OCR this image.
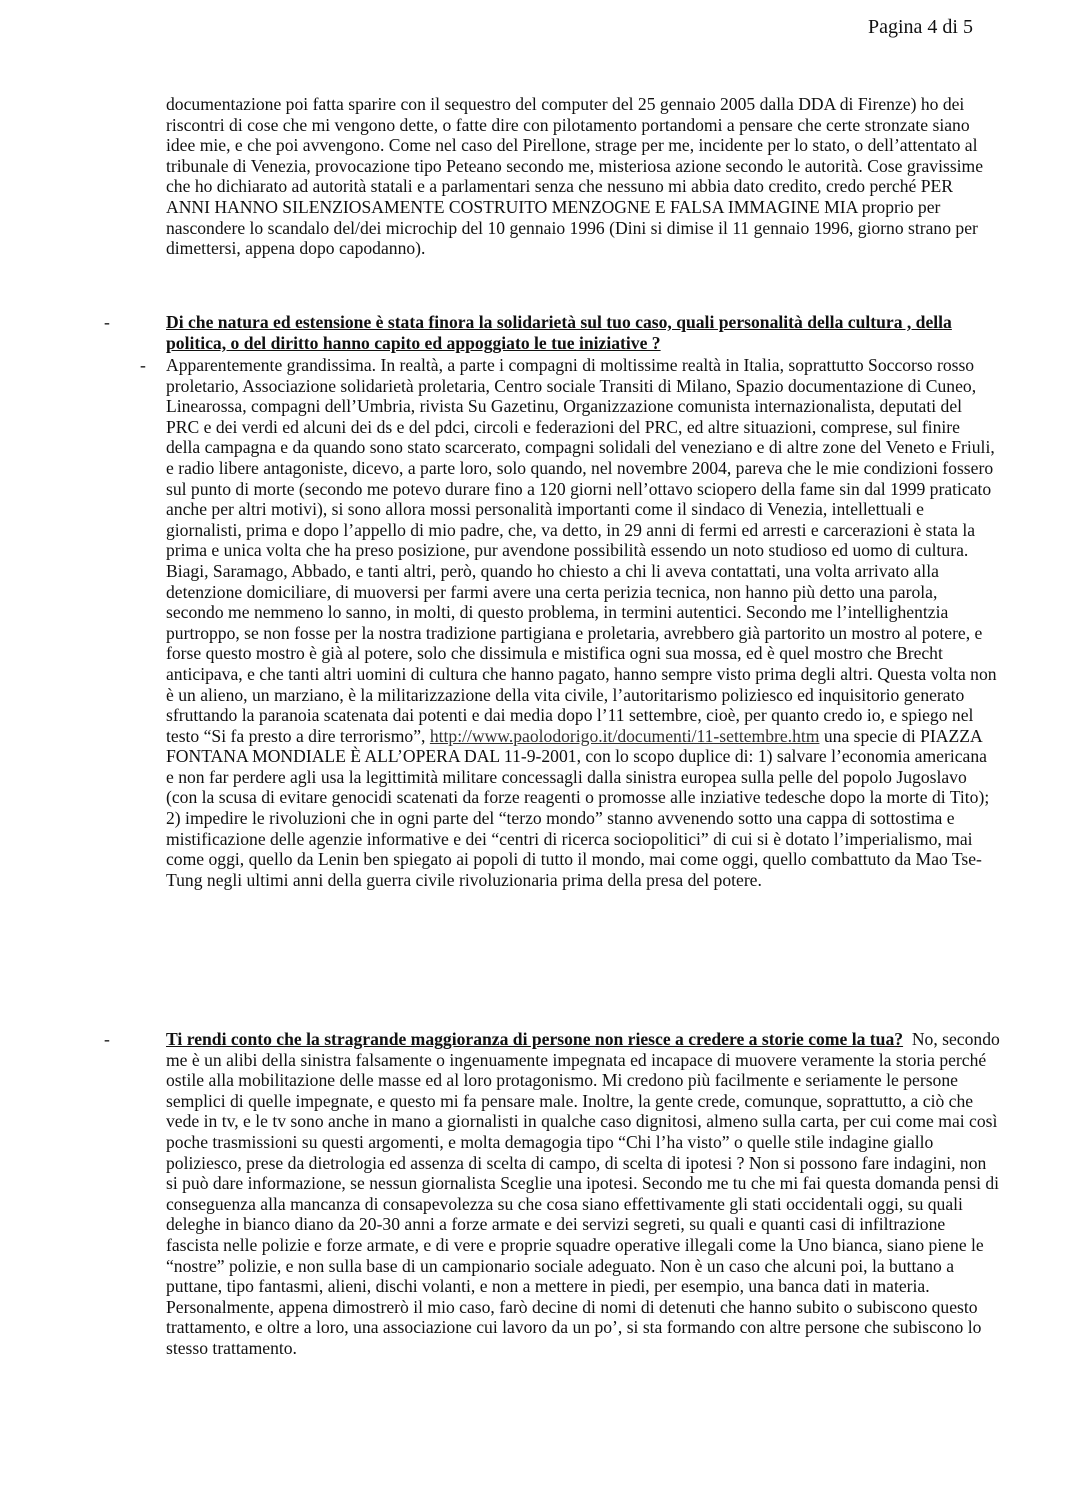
Pagina 4 di 5

documentazione poi fatta sparire con il sequestro del computer del 25 gennaio 2005 dalla DDA di Firenze) ho dei riscontri di cose che mi vengono dette, o fatte dire con pilotamento portandomi a pensare che certe stronzate siano idee mie, e che poi avvengono. Come nel caso del Pirellone, strage per me, incidente per lo stato, o dell’attentato al tribunale di Venezia, provocazione tipo Peteano secondo me, misteriosa azione secondo le autorità. Cose gravissime che ho dichiarato ad autorità statali e a parlamentari senza che nessuno mi abbia dato credito, credo perché PER ANNI HANNO SILENZIOSAMENTE COSTRUITO MENZOGNE E FALSA IMMAGINE MIA proprio per nascondere lo scandalo del/dei microchip del 10 gennaio 1996 (Dini si dimise il 11 gennaio 1996, giorno strano per dimettersi, appena dopo capodanno).

-	Di che natura ed estensione è stata finora la solidarietà sul tuo caso, quali personalità della cultura , della politica, o del diritto hanno capito ed appoggiato le tue iniziative ?

- Apparentemente grandissima. In realtà, a parte i compagni di moltissime realtà in Italia, soprattutto Soccorso rosso proletario, Associazione solidarietà proletaria, Centro sociale Transiti di Milano, Spazio documentazione di Cuneo, Linearossa, compagni dell’Umbria, rivista Su Gazetinu, Organizzazione comunista internazionalista, deputati del PRC e dei verdi ed alcuni dei ds e del pdci, circoli e federazioni del PRC, ed altre situazioni, comprese, sul finire della campagna e da quando sono stato scarcerato, compagni solidali del veneziano e di altre zone del Veneto e Friuli, e radio libere antagoniste, dicevo, a parte loro, solo quando, nel novembre 2004, pareva che le mie condizioni fossero sul punto di morte (secondo me potevo durare fino a 120 giorni nell’ottavo sciopero della fame sin dal 1999 praticato anche per altri motivi), si sono allora mossi personalità importanti come il sindaco di Venezia, intellettuali e giornalisti, prima e dopo l’appello di mio padre, che, va detto, in 29 anni di fermi ed arresti e carcerazioni è stata la prima e unica volta che ha preso posizione, pur avendone possibilità essendo un noto studioso ed uomo di cultura. Biagi, Saramago, Abbado, e tanti altri, però, quando ho chiesto a chi li aveva contattati, una volta arrivato alla detenzione domiciliare, di muoversi per farmi avere una certa perizia tecnica, non hanno più detto una parola, secondo me nemmeno lo sanno, in molti, di questo problema, in termini autentici. Secondo me l’intellighentzia purtroppo, se non fosse per la nostra tradizione partigiana e proletaria, avrebbero già partorito un mostro al potere, e forse questo mostro è già al potere, solo che dissimula e mistifica ogni sua mossa, ed è quel mostro che Brecht anticipava, e che tanti altri uomini di cultura che hanno pagato, hanno sempre visto prima degli altri. Questa volta non è un alieno, un marziano, è la militarizzazione della vita civile, l’autoritarismo poliziesco ed inquisitorio generato sfruttando la paranoia scatenata dai potenti e dai media dopo l’11 settembre, cioè, per quanto credo io, e spiego nel testo “Si fa presto a dire terrorismo”, http://www.paolodorigo.it/documenti/11-settembre.htm una specie di PIAZZA FONTANA MONDIALE È ALL’OPERA DAL 11-9-2001, con lo scopo duplice di: 1) salvare l’economia americana e non far perdere agli usa la legittimità militare concessagli dalla sinistra europea sulla pelle del popolo Jugoslavo (con la scusa di evitare genocidi scatenati da forze reagenti o promosse alle inziative tedesche dopo la morte di Tito); 2) impedire le rivoluzioni che in ogni parte del “terzo mondo” stanno avvenendo sotto una cappa di sottostima e mistificazione delle agenzie informative e dei “centri di ricerca sociopolitici” di cui si è dotato l’imperialismo, mai come oggi, quello da Lenin ben spiegato ai popoli di tutto il mondo, mai come oggi, quello combattuto da Mao Tse-Tung negli ultimi anni della guerra civile rivoluzionaria prima della presa del potere.

-	Ti rendi conto che la stragrande maggioranza di persone non riesce a credere a storie come la tua? No, secondo me è un alibi della sinistra falsamente o ingenuamente impegnata ed incapace di muovere veramente la storia perché ostile alla mobilitazione delle masse ed al loro protagonismo. Mi credono più facilmente e seriamente le persone semplici di quelle impegnate, e questo mi fa pensare male. Inoltre, la gente crede, comunque, soprattutto, a ciò che vede in tv, e le tv sono anche in mano a giornalisti in qualche caso dignitosi, almeno sulla carta, per cui come mai così poche trasmissioni su questi argomenti, e molta demagogia tipo “Chi l’ha visto” o quelle stile indagine giallo poliziesco, prese da dietrologia ed assenza di scelta di campo, di scelta di ipotesi ? Non si possono fare indagini, non si può dare informazione, se nessun giornalista Sceglie una ipotesi. Secondo me tu che mi fai questa domanda pensi di conseguenza alla mancanza di consapevolezza su che cosa siano effettivamente gli stati occidentali oggi, su quali deleghe in bianco diano da 20-30 anni a forze armate e dei servizi segreti, su quali e quanti casi di infiltrazione fascista nelle polizie e forze armate, e di vere e proprie squadre operative illegali come la Uno bianca, siano piene le “nostre” polizie, e non sulla base di un campionario sociale adeguato. Non è un caso che alcuni poi, la buttano a puttane, tipo fantasmi, alieni, dischi volanti, e non a mettere in piedi, per esempio, una banca dati in materia. Personalmente, appena dimostrerò il mio caso, farò decine di nomi di detenuti che hanno subito o subiscono questo trattamento, e oltre a loro, una associazione cui lavoro da un po’, si sta formando con altre persone che subiscono lo stesso trattamento.
